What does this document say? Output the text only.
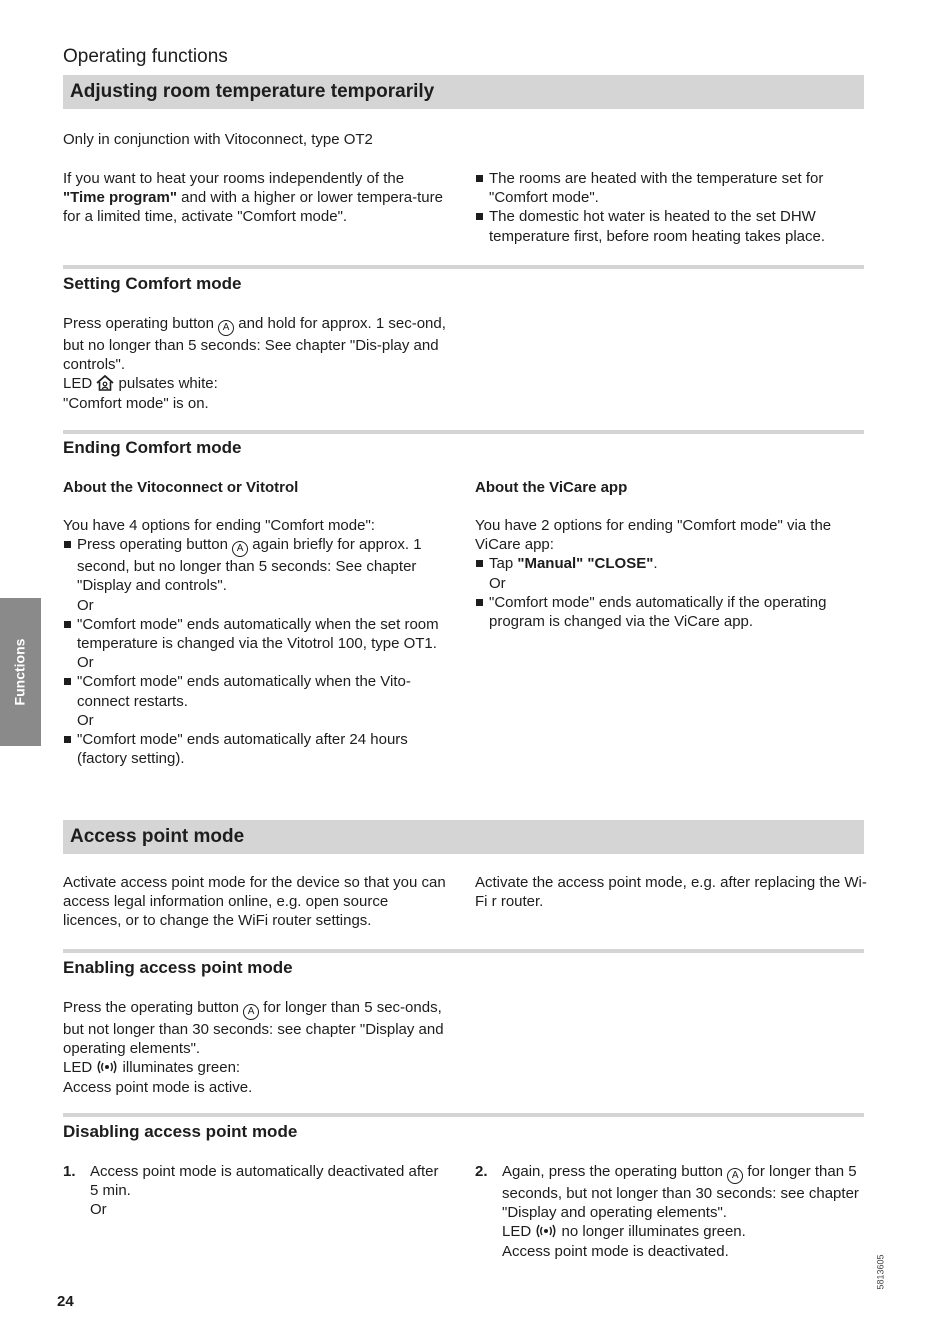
Operating functions
Adjusting room temperature temporarily
Only in conjunction with Vitoconnect, type OT2
If you want to heat your rooms independently of the "Time program" and with a higher or lower tempera-ture for a limited time, activate "Comfort mode".
The rooms are heated with the temperature set for "Comfort mode".
The domestic hot water is heated to the set DHW temperature first, before room heating takes place.
Setting Comfort mode
Press operating button A and hold for approx. 1 sec-ond, but no longer than 5 seconds: See chapter "Dis-play and controls".
LED  pulsates white:
"Comfort mode" is on.
Ending Comfort mode
About the Vitoconnect or Vitotrol

You have 4 options for ending "Comfort mode":

Press operating button A again briefly for approx. 1 second, but no longer than 5 seconds: See chapter "Display and controls".
Or
"Comfort mode" ends automatically when the set room temperature is changed via the Vitotrol 100, type OT1.
Or
"Comfort mode" ends automatically when the Vito-connect restarts.
Or
"Comfort mode" ends automatically after 24 hours (factory setting).
About the ViCare app

You have 2 options for ending "Comfort mode" via the ViCare app:

Tap "Manual" "CLOSE".
Or
"Comfort mode" ends automatically if the operating program is changed via the ViCare app.
Access point mode
Activate access point mode for the device so that you can access legal information online, e.g. open source licences, or to change the WiFi router settings.
Activate the access point mode, e.g. after replacing the Wi-Fi r router.
Enabling access point mode
Press the operating button A for longer than 5 sec-onds, but not longer than 30 seconds: see chapter "Display and operating elements".
LED  illuminates green:
Access point mode is active.
Disabling access point mode
1. Access point mode is automatically deactivated after 5 min.
Or
2. Again, press the operating button A for longer than 5 seconds, but not longer than 30 seconds: see chapter "Display and operating elements".
LED  no longer illuminates green.
Access point mode is deactivated.
Functions
5813605
24
